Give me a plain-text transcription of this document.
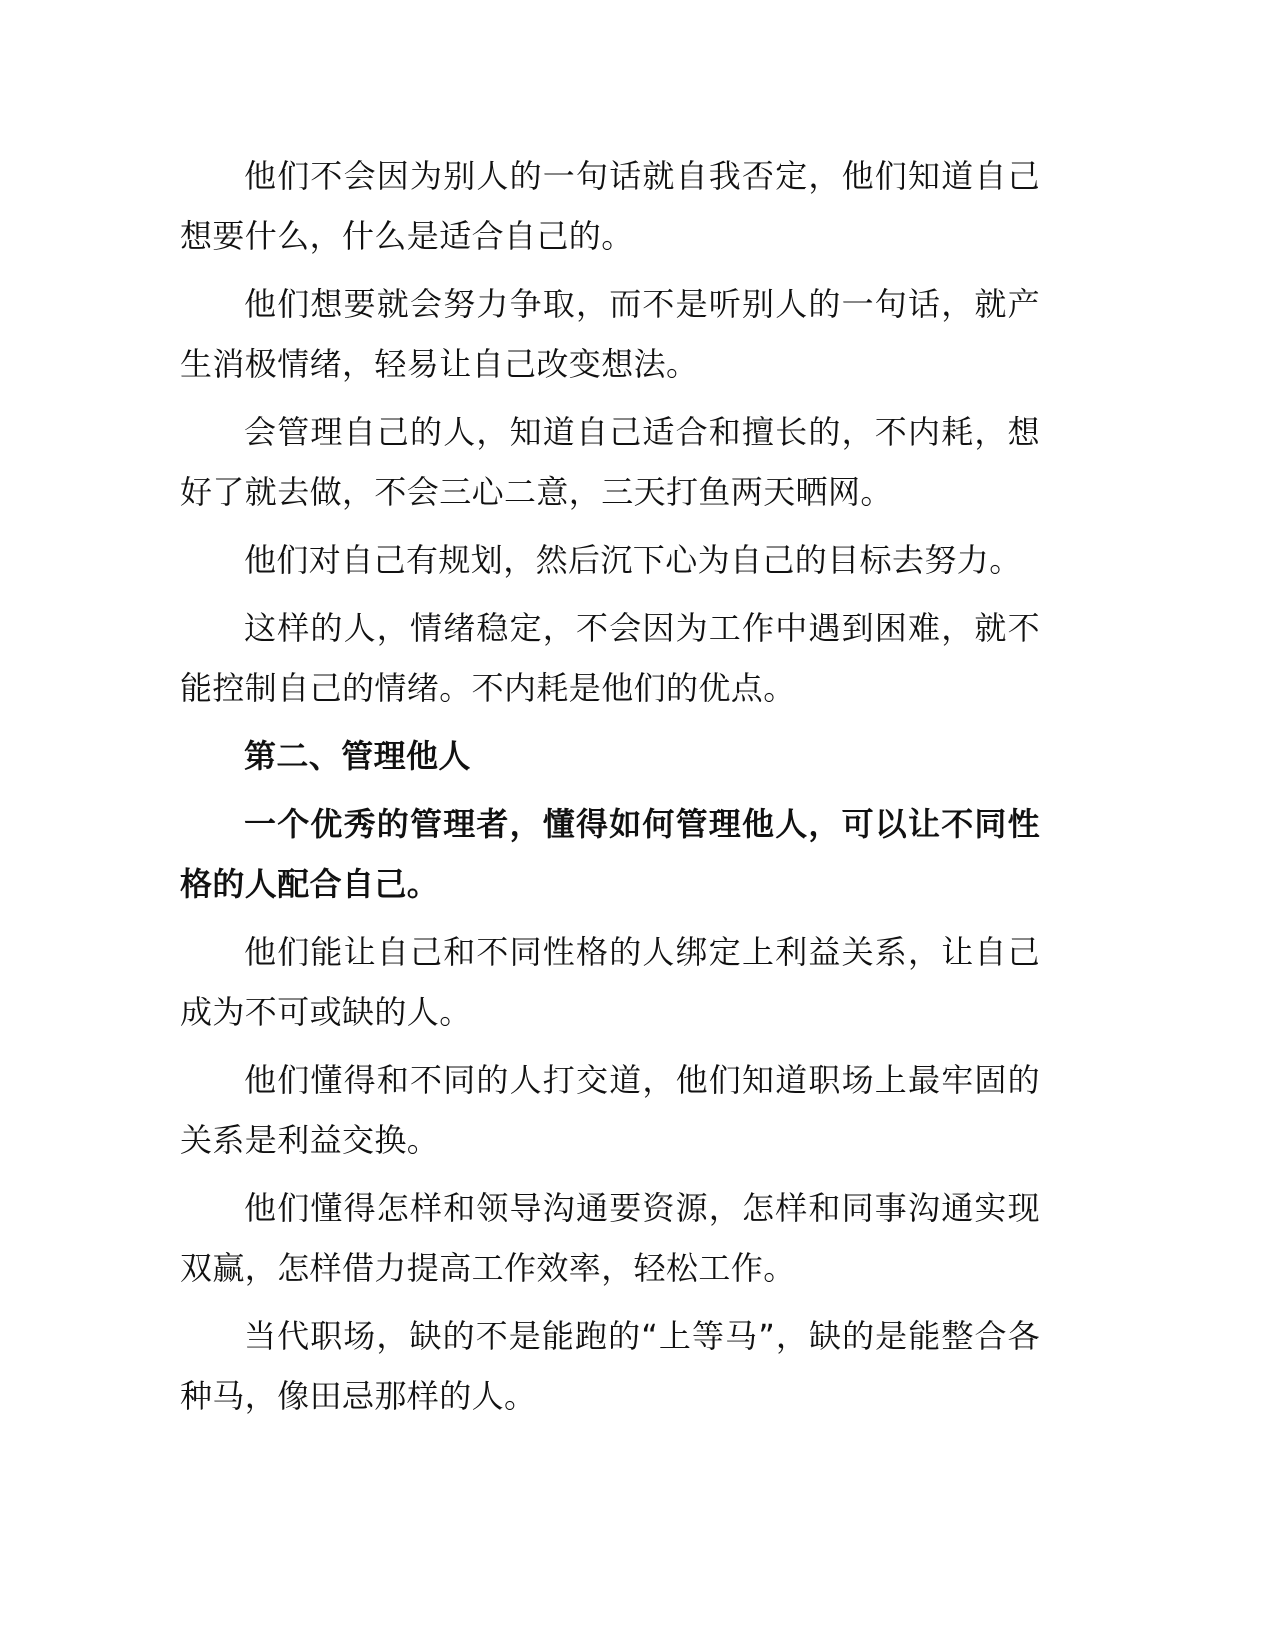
他们不会因为别人的一句话就自我否定，他们知道自己想要什么，什么是适合自己的。

他们想要就会努力争取，而不是听别人的一句话，就产生消极情绪，轻易让自己改变想法。

会管理自己的人，知道自己适合和擅长的，不内耗，想好了就去做，不会三心二意，三天打鱼两天晒网。

他们对自己有规划，然后沉下心为自己的目标去努力。

这样的人，情绪稳定，不会因为工作中遇到困难，就不能控制自己的情绪。不内耗是他们的优点。

第二、管理他人

一个优秀的管理者，懂得如何管理他人，可以让不同性格的人配合自己。

他们能让自己和不同性格的人绑定上利益关系，让自己成为不可或缺的人。

他们懂得和不同的人打交道，他们知道职场上最牢固的关系是利益交换。

他们懂得怎样和领导沟通要资源，怎样和同事沟通实现双赢，怎样借力提高工作效率，轻松工作。

当代职场，缺的不是能跑的“上等马”，缺的是能整合各种马，像田忌那样的人。
